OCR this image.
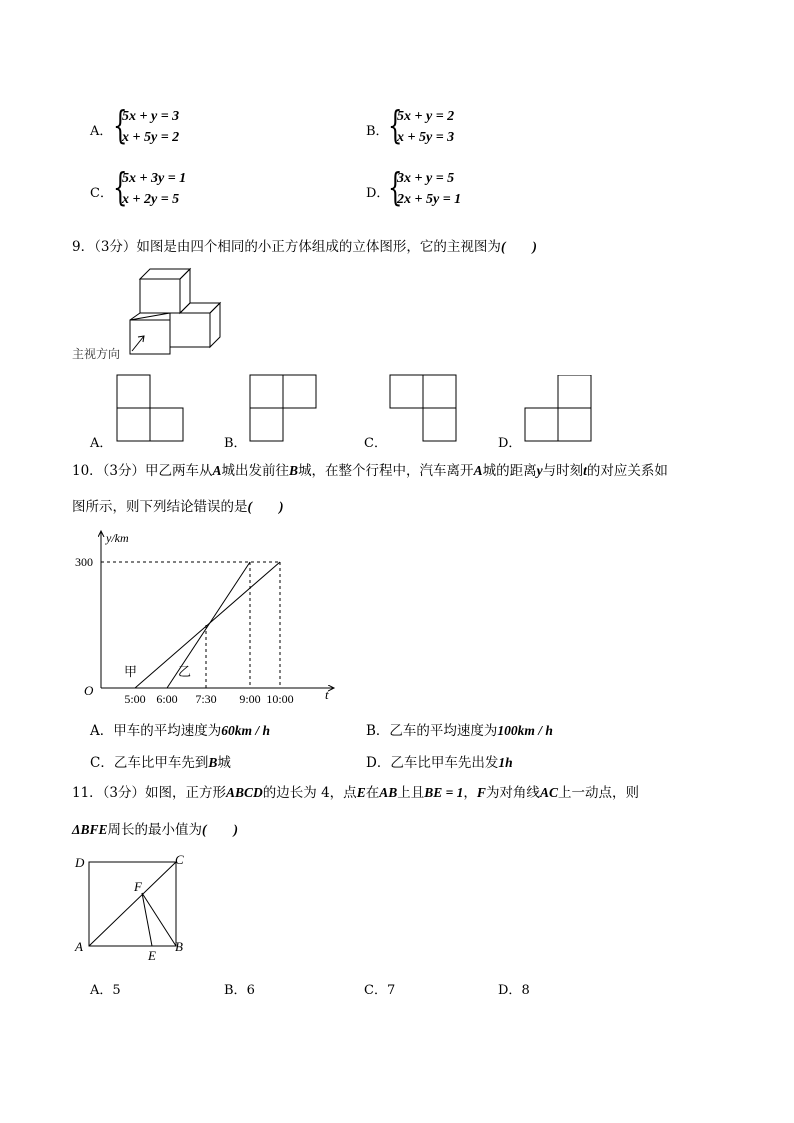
A． {
5x + y = 3
x + 5y = 2	B． {
5x + y = 2
x + 5y = 3
C． {
5x + 3y = 1
x + 2y = 5	D．
{
3x + y = 5
2x + 5y = 1
9．（3分）如图是由四个相同的小正方体组成的立体图形，它的主视图为(　　)
主视方向
A．	B．	C．	D．
10．（3分）甲乙两车从A城出发前往B城，在整个行程中，汽车离开A城的距离y与时刻t的对应关系如
图所示，则下列结论错误的是(　　)
y/km
t
O
300
5:00 6:00 7:30 9:00 10:00
甲	乙
A．甲车的平均速度为60km / h	B．乙车的平均速度为100km / h
C．乙车比甲车先到B城	D．乙车比甲车先出发1h
11．（3分）如图，正方形ABCD的边长为 4，点E在AB上且BE = 1，F为对角线AC上一动点，则
ΔBFE周长的最小值为(　　)
D	C
F
A	B
E
A．5	B．6	C．7	D．8
